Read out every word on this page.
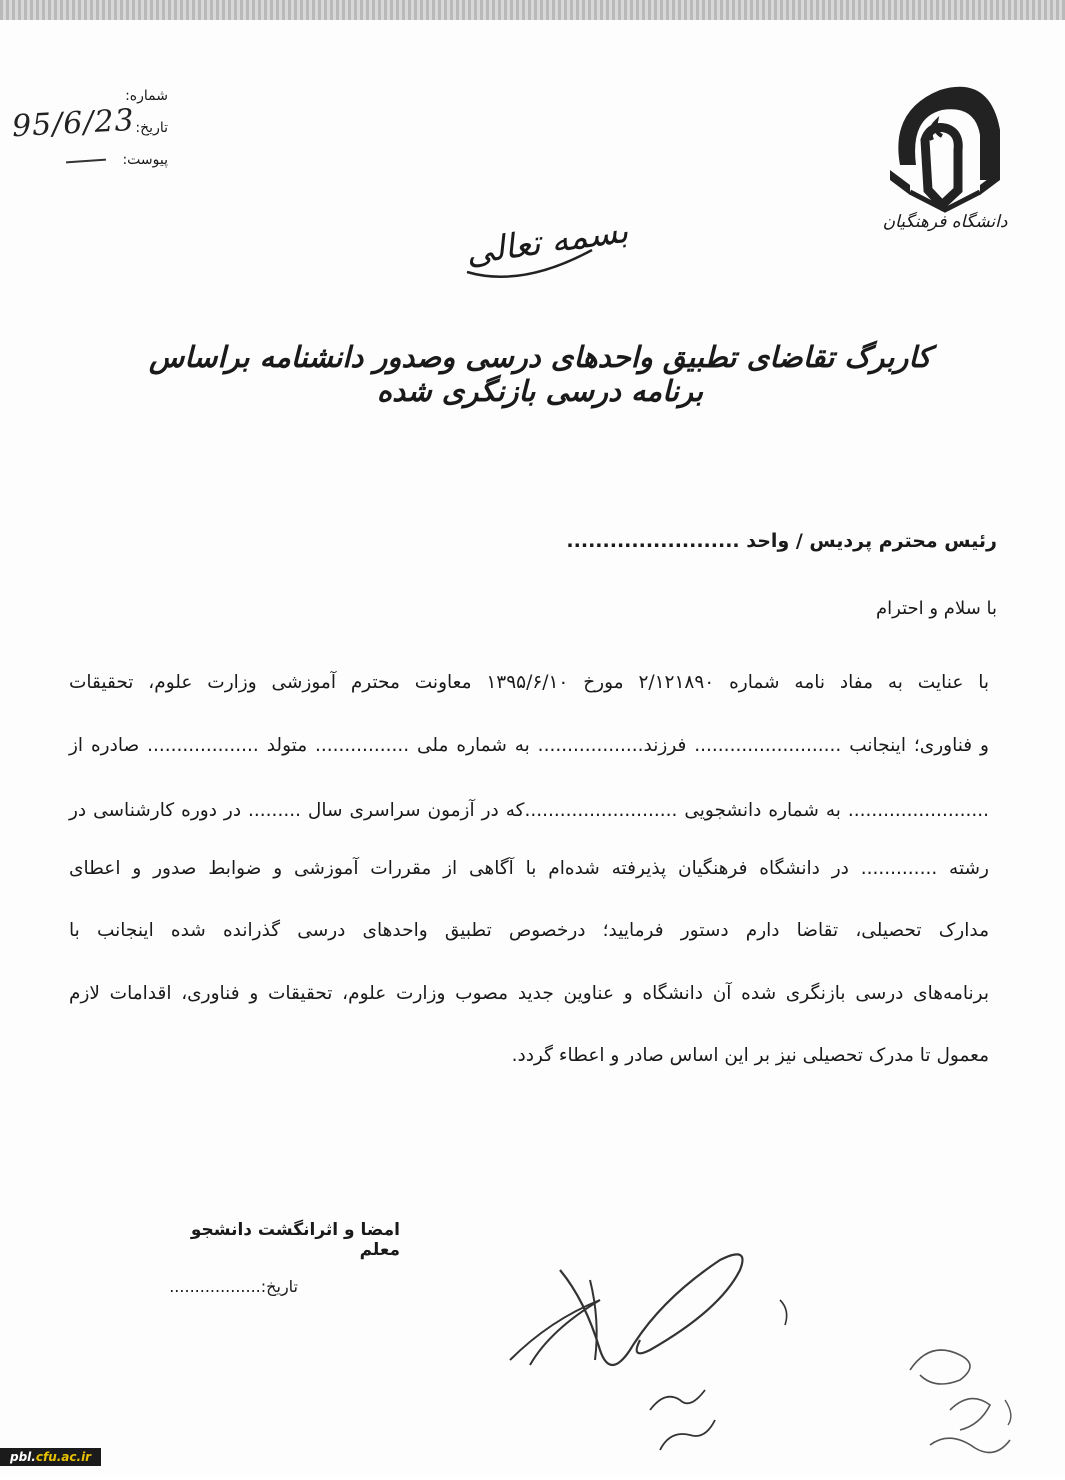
شماره:
تاریخ:
پیوست:
95/6/23
دانشگاه فرهنگیان
بسمه تعالی
کاربرگ تقاضای تطبیق واحدهای درسی وصدور دانشنامه براساس برنامه درسی بازنگری شده
رئیس محترم پردیس / واحد ........................
با سلام و احترام
با عنایت به مفاد نامه شماره ۲/۱۲۱۸۹۰ مورخ ۱۳۹۵/۶/۱۰ معاونت محترم آموزشی وزارت علوم، تحقیقات
و فناوری؛ اینجانب ......................... فرزند.................. به شماره ملی ................ متولد ................... صادره از
........................ به شماره دانشجویی ..........................که در آزمون سراسری سال ......... در دوره کارشناسی در
رشته ............. در دانشگاه فرهنگیان پذیرفته شده‌ام با آگاهی از مقررات آموزشی و ضوابط صدور و اعطای
مدارک تحصیلی، تقاضا دارم دستور فرمایید؛ درخصوص تطبیق واحدهای درسی گذرانده شده اینجانب با
برنامه‌های درسی بازنگری شده آن دانشگاه و عناوین جدید مصوب وزارت علوم، تحقیقات و فناوری، اقدامات لازم
معمول تا مدرک تحصیلی نیز بر این اساس صادر و اعطاء گردد.
امضا و اثرانگشت دانشجو معلم
تاریخ:..................
pbl.cfu.ac.ir
